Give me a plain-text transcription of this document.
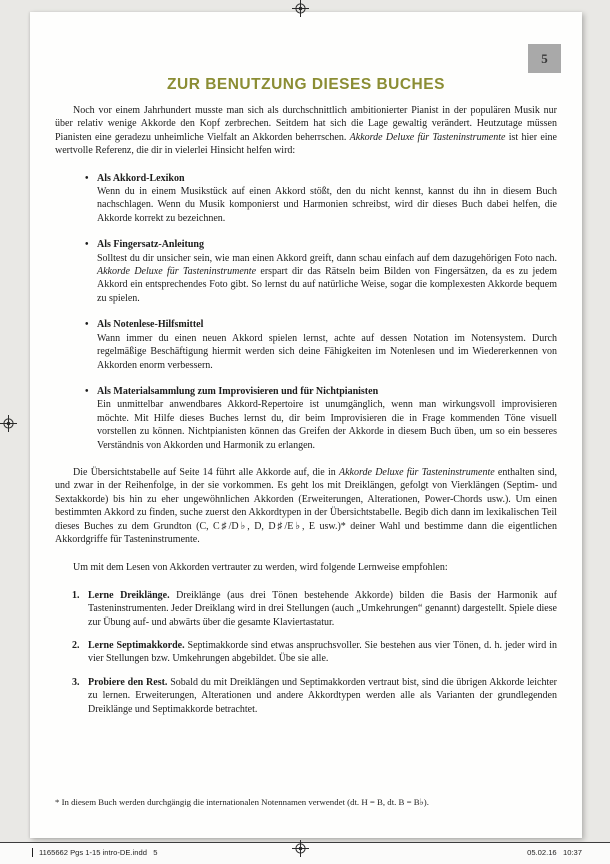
5
ZUR BENUTZUNG DIESES BUCHES

Noch vor einem Jahrhundert musste man sich als durchschnittlich ambitionierter Pianist in der populären Musik nur über relativ wenige Akkorde den Kopf zerbrechen. Seitdem hat sich die Lage gewaltig verändert. Heutzutage müssen Pianisten eine geradezu unheimliche Vielfalt an Akkorden beherrschen. Akkorde Deluxe für Tasteninstrumente ist hier eine wertvolle Referenz, die dir in vielerlei Hinsicht helfen wird:

• Als Akkord-Lexikon
Wenn du in einem Musikstück auf einen Akkord stößt, den du nicht kennst, kannst du ihn in diesem Buch nachschlagen. Wenn du Musik komponierst und Harmonien schreibst, wird dir dieses Buch dabei helfen, die Akkorde korrekt zu bezeichnen.
• Als Fingersatz-Anleitung
Solltest du dir unsicher sein, wie man einen Akkord greift, dann schau einfach auf dem dazugehörigen Foto nach. Akkorde Deluxe für Tasteninstrumente erspart dir das Rätseln beim Bilden von Fingersätzen, da es zu jedem Akkord ein entsprechendes Foto gibt. So lernst du auf natürliche Weise, sogar die komplexesten Akkorde bequem zu spielen.
• Als Notenlese-Hilfsmittel
Wann immer du einen neuen Akkord spielen lernst, achte auf dessen Notation im Notensystem. Durch regelmäßige Beschäftigung hiermit werden sich deine Fähigkeiten im Notenlesen und im Wiedererkennen von Akkorden enorm verbessern.
• Als Materialsammlung zum Improvisieren und für Nichtpianisten
Ein unmittelbar anwendbares Akkord-Repertoire ist unumgänglich, wenn man wirkungsvoll improvisieren möchte. Mit Hilfe dieses Buches lernst du, dir beim Improvisieren die in Frage kommenden Töne visuell vorstellen zu können. Nichtpianisten können das Greifen der Akkorde in diesem Buch üben, um so ein besseres Verständnis von Akkorden und Harmonik zu erlangen.

Die Übersichtstabelle auf Seite 14 führt alle Akkorde auf, die in Akkorde Deluxe für Tasteninstrumente enthalten sind, und zwar in der Reihenfolge, in der sie vorkommen. Es geht los mit Dreiklängen, gefolgt von Vierklängen (Septim- und Sextakkorde) bis hin zu eher ungewöhnlichen Akkorden (Erweiterungen, Alterationen, Power-Chords usw.). Um einen bestimmten Akkord zu finden, suche zuerst den Akkordtypen in der Übersichtstabelle. Begib dich dann im lexikalischen Teil dieses Buches zu dem Grundton (C, C♯/D♭, D, D♯/E♭, E usw.)* deiner Wahl und bestimme dann die eigentlichen Akkordgriffe für Tasteninstrumente.

Um mit dem Lesen von Akkorden vertrauter zu werden, wird folgende Lernweise empfohlen:

1. Lerne Dreiklänge. Dreiklänge (aus drei Tönen bestehende Akkorde) bilden die Basis der Harmonik auf Tasteninstrumenten. Jeder Dreiklang wird in drei Stellungen (auch „Umkehrungen“ genannt) dargestellt. Spiele diese zur Übung auf- und abwärts über die gesamte Klaviertastatur.
2. Lerne Septimakkorde. Septimakkorde sind etwas anspruchsvoller. Sie bestehen aus vier Tönen, d. h. jeder wird in vier Stellungen bzw. Umkehrungen abgebildet. Übe sie alle.
3. Probiere den Rest. Sobald du mit Dreiklängen und Septimakkorden vertraut bist, sind die übrigen Akkorde leichter zu lernen. Erweiterungen, Alterationen und andere Akkordtypen werden alle als Varianten der grundlegenden Dreiklänge und Septimakkorde betrachtet.

* In diesem Buch werden durchgängig die internationalen Notennamen verwendet (dt. H = B, dt. B = B♭).

1165662 Pgs 1-15 intro-DE.indd   5	05.02.16   10:37
